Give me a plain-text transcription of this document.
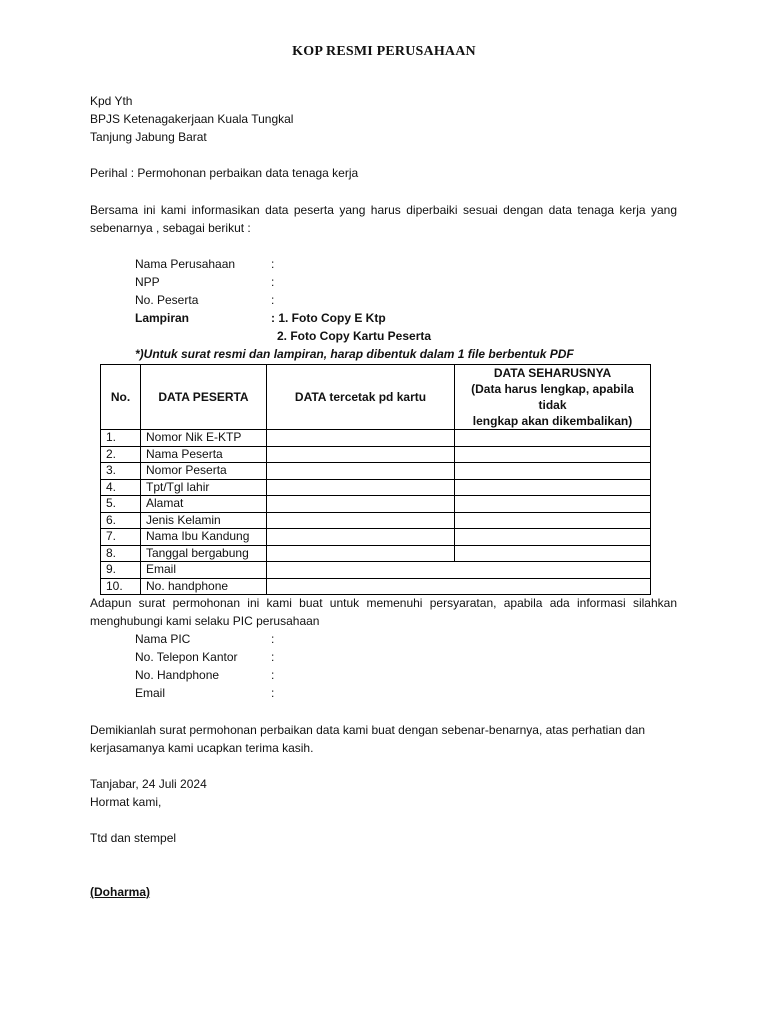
KOP RESMI PERUSAHAAN
Kpd Yth
BPJS Ketenagakerjaan Kuala Tungkal
Tanjung Jabung Barat
Perihal : Permohonan perbaikan data tenaga kerja
Bersama ini kami informasikan data peserta yang harus diperbaiki sesuai dengan data tenaga kerja yang sebenarnya , sebagai berikut :
Nama Perusahaan	:
NPP	:
No. Peserta	:
Lampiran	: 1. Foto Copy E Ktp
2. Foto Copy Kartu Peserta
*)Untuk surat resmi dan lampiran, harap dibentuk dalam 1 file berbentuk PDF
No.	DATA PESERTA	DATA tercetak pd kartu	DATA SEHARUSNYA
(Data harus lengkap, apabila tidak
lengkap akan dikembalikan)

1.	Nomor Nik E-KTP		
2.	Nama Peserta		
3.	Nomor Peserta		
4.	Tpt/Tgl lahir		
5.	Alamat		
6.	Jenis Kelamin		
7.	Nama Ibu Kandung		
8.	Tanggal bergabung		
9.	Email		
10.	No. handphone		
Adapun surat permohonan ini kami buat untuk memenuhi persyaratan, apabila ada informasi silahkan menghubungi kami selaku PIC perusahaan
Nama PIC	:
No. Telepon Kantor	:
No. Handphone	:
Email	:
Demikianlah surat permohonan perbaikan data kami buat dengan sebenar-benarnya, atas perhatian dan kerjasamanya kami ucapkan terima kasih.
Tanjabar, 24 Juli 2024
Hormat kami,
Ttd dan stempel
(Doharma)
